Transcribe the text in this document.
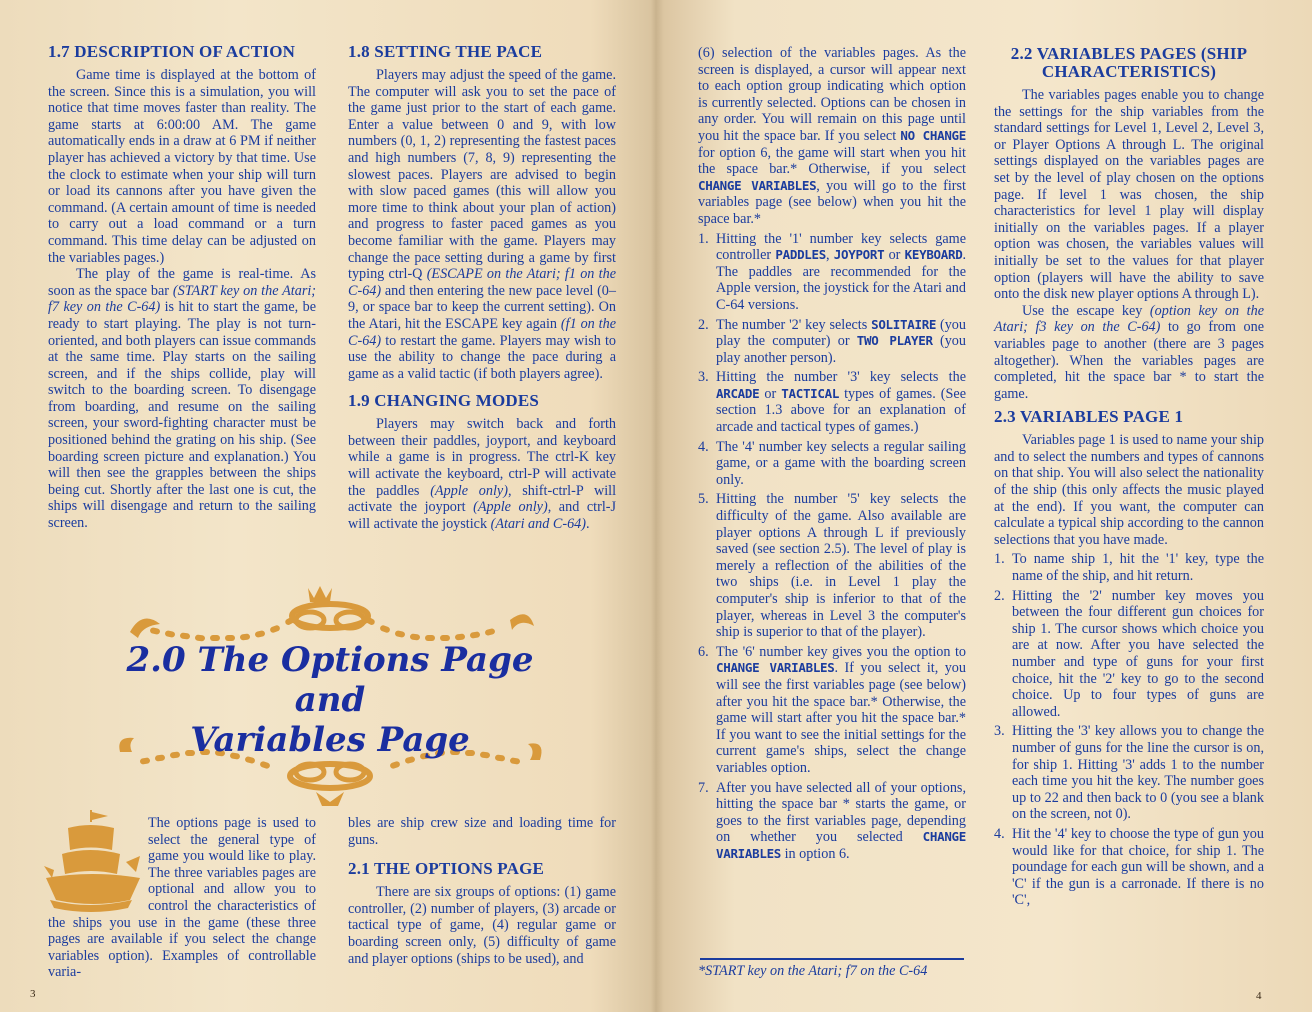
1.7 DESCRIPTION OF ACTION

Game time is displayed at the bottom of the screen. Since this is a simulation, you will notice that time moves faster than reality. The game starts at 6:00:00 AM. The game automatically ends in a draw at 6 PM if neither player has achieved a victory by that time. Use the clock to estimate when your ship will turn or load its cannons after you have given the command. (A certain amount of time is needed to carry out a load command or a turn command. This time delay can be adjusted on the variables pages.)

The play of the game is real-time. As soon as the space bar (START key on the Atari; f7 key on the C-64) is hit to start the game, be ready to start playing. The play is not turn-oriented, and both players can issue commands at the same time. Play starts on the sailing screen, and if the ships collide, play will switch to the boarding screen. To disengage from boarding, and resume on the sailing screen, your sword-fighting character must be positioned behind the grating on his ship. (See boarding screen picture and explanation.) You will then see the grapples between the ships being cut. Shortly after the last one is cut, the ships will disengage and return to the sailing screen.

1.8 SETTING THE PACE

Players may adjust the speed of the game. The computer will ask you to set the pace of the game just prior to the start of each game. Enter a value between 0 and 9, with low numbers (0, 1, 2) representing the fastest paces and high numbers (7, 8, 9) representing the slowest paces. Players are advised to begin with slow paced games (this will allow you more time to think about your plan of action) and progress to faster paced games as you become familiar with the game. Players may change the pace setting during a game by first typing ctrl-Q (ESCAPE on the Atari; f1 on the C-64) and then entering the new pace level (0–9, or space bar to keep the current setting). On the Atari, hit the ESCAPE key again (f1 on the C-64) to restart the game. Players may wish to use the ability to change the pace during a game as a valid tactic (if both players agree).

1.9 CHANGING MODES

Players may switch back and forth between their paddles, joyport, and keyboard while a game is in progress. The ctrl-K key will activate the keyboard, ctrl-P will activate the paddles (Apple only), shift-ctrl-P will activate the joyport (Apple only), and ctrl-J will activate the joystick (Atari and C-64).

2.0 The Options Page and
Variables Page

The options page is used to select the general type of game you would like to play. The three variables pages are optional and allow you to control the characteristics of the ships you use in the game (these three pages are available if you select the change variables option). Examples of controllable varia-

bles are ship crew size and loading time for guns.

2.1 THE OPTIONS PAGE

There are six groups of options: (1) game controller, (2) number of players, (3) arcade or tactical type of game, (4) regular game or boarding screen only, (5) difficulty of game and player options (ships to be used), and

3

(6) selection of the variables pages. As the screen is displayed, a cursor will appear next to each option group indicating which option is currently selected. Options can be chosen in any order. You will remain on this page until you hit the space bar. If you select NO CHANGE for option 6, the game will start when you hit the space bar.* Otherwise, if you select CHANGE VARIABLES, you will go to the first variables page (see below) when you hit the space bar.*

1. Hitting the '1' number key selects game controller PADDLES, JOYPORT or KEYBOARD. The paddles are recommended for the Apple version, the joystick for the Atari and C-64 versions.
2. The number '2' key selects SOLITAIRE (you play the computer) or TWO PLAYER (you play another person).
3. Hitting the number '3' key selects the ARCADE or TACTICAL types of games. (See section 1.3 above for an explanation of arcade and tactical types of games.)
4. The '4' number key selects a regular sailing game, or a game with the boarding screen only.
5. Hitting the number '5' key selects the difficulty of the game. Also available are player options A through L if previously saved (see section 2.5). The level of play is merely a reflection of the abilities of the two ships (i.e. in Level 1 play the computer's ship is inferior to that of the player, whereas in Level 3 the computer's ship is superior to that of the player).
6. The '6' number key gives you the option to CHANGE VARIABLES. If you select it, you will see the first variables page (see below) after you hit the space bar.* Otherwise, the game will start after you hit the space bar.* If you want to see the initial settings for the current game's ships, select the change variables option.
7. After you have selected all of your options, hitting the space bar * starts the game, or goes to the first variables page, depending on whether you selected CHANGE VARIABLES in option 6.
*START key on the Atari; f7 on the C-64
2.2 VARIABLES PAGES (SHIP
CHARACTERISTICS)

The variables pages enable you to change the settings for the ship variables from the standard settings for Level 1, Level 2, Level 3, or Player Options A through L. The original settings displayed on the variables pages are set by the level of play chosen on the options page. If level 1 was chosen, the ship characteristics for level 1 play will display initially on the variables pages. If a player option was chosen, the variables values will initially be set to the values for that player option (players will have the ability to save onto the disk new player options A through L).

Use the escape key (option key on the Atari; f3 key on the C-64) to go from one variables page to another (there are 3 pages altogether). When the variables pages are completed, hit the space bar * to start the game.

2.3 VARIABLES PAGE 1

Variables page 1 is used to name your ship and to select the numbers and types of cannons on that ship. You will also select the nationality of the ship (this only affects the music played at the end). If you want, the computer can calculate a typical ship according to the cannon selections that you have made.

1. To name ship 1, hit the '1' key, type the name of the ship, and hit return.
2. Hitting the '2' number key moves you between the four different gun choices for ship 1. The cursor shows which choice you are at now. After you have selected the number and type of guns for your first choice, hit the '2' key to go to the second choice. Up to four types of guns are allowed.
3. Hitting the '3' key allows you to change the number of guns for the line the cursor is on, for ship 1. Hitting '3' adds 1 to the number each time you hit the key. The number goes up to 22 and then back to 0 (you see a blank on the screen, not 0).
4. Hit the '4' key to choose the type of gun you would like for that choice, for ship 1. The poundage for each gun will be shown, and a 'C' if the gun is a carronade. If there is no 'C',
4
